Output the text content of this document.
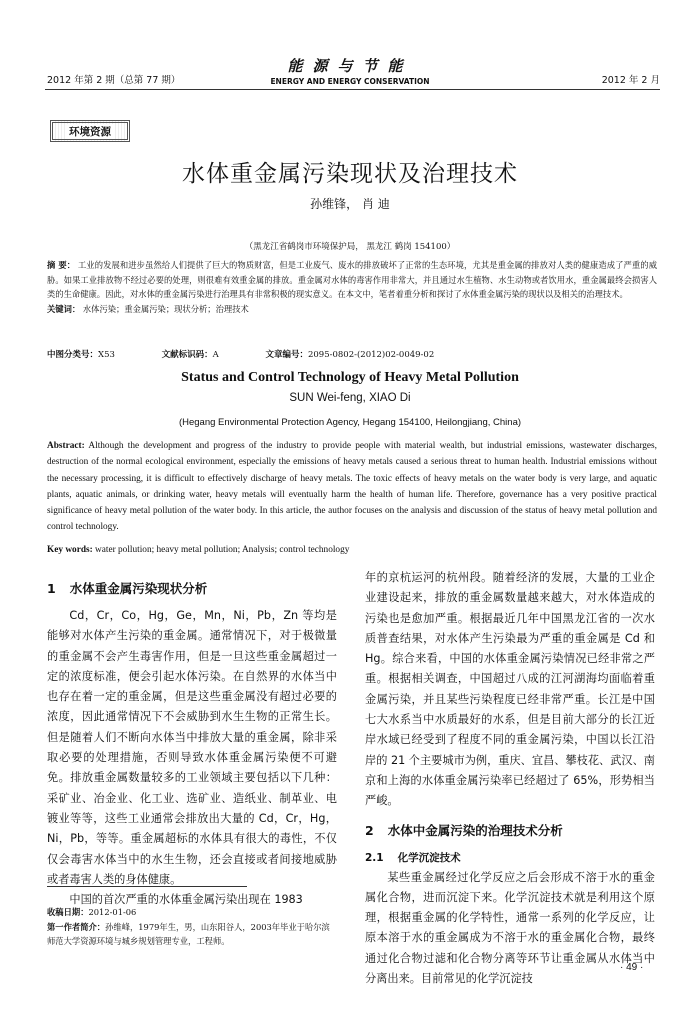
2012 年第 2 期（总第 77 期）
能源与节能
ENERGY AND ENERGY CONSERVATION	2012 年 2 月
环境资源
水体重金属污染现状及治理技术
孙维锋， 肖 迪
（黑龙江省鹤岗市环境保护局， 黑龙江 鹤岗 154100）
摘 要： 工业的发展和进步虽然给人们提供了巨大的物质财富，但是工业废气、废水的排放破坏了正常的生态环境，尤其是重金属的排放对人类的健康造成了严重的威胁。如果工业排放物不经过必要的处理，则很难有效重金属的排放。重金属对水体的毒害作用非常大，并且通过水生植物、水生动物或者饮用水，重金属最终会损害人类的生命健康。因此，对水体的重金属污染进行治理具有非常积极的现实意义。在本文中，笔者着重分析和探讨了水体重金属污染的现状以及相关的治理技术。
关键词： 水体污染；重金属污染；现状分析；治理技术
中图分类号：X53	文献标识码：A	文章编号：2095-0802-(2012)02-0049-02
Status and Control Technology of Heavy Metal Pollution
SUN Wei-feng, XIAO Di
(Hegang Environmental Protection Agency, Hegang 154100, Heilongjiang, China)
Abstract: Although the development and progress of the industry to provide people with material wealth, but industrial emissions, wastewater discharges, destruction of the normal ecological environment, especially the emissions of heavy metals caused a serious threat to human health. Industrial emissions without the necessary processing, it is difficult to effectively discharge of heavy metals. The toxic effects of heavy metals on the water body is very large, and aquatic plants, aquatic animals, or drinking water, heavy metals will eventually harm the health of human life. Therefore, governance has a very positive practical significance of heavy metal pollution of the water body. In this article, the author focuses on the analysis and discussion of the status of heavy metal pollution and control technology.
Key words: water pollution; heavy metal pollution; Analysis; control technology
1 水体重金属污染现状分析

Cd，Cr，Co，Hg，Ge，Mn，Ni，Pb，Zn 等均是能够对水体产生污染的重金属。通常情况下，对于极微量的重金属不会产生毒害作用，但是一旦这些重金属超过一定的浓度标准，便会引起水体污染。在自然界的水体当中也存在着一定的重金属，但是这些重金属没有超过必要的浓度，因此通常情况下不会威胁到水生生物的正常生长。但是随着人们不断向水体当中排放大量的重金属，除非采取必要的处理措施，否则导致水体重金属污染便不可避免。排放重金属数量较多的工业领域主要包括以下几种：采矿业、冶金业、化工业、选矿业、造纸业、制革业、电镀业等等，这些工业通常会排放出大量的 Cd，Cr，Hg，Ni，Pb，等等。重金属超标的水体具有很大的毒性，不仅仅会毒害水体当中的水生生物，还会直接或者间接地威胁或者毒害人类的身体健康。

中国的首次严重的水体重金属污染出现在 1983

收稿日期：2012-01-06
第一作者简介：孙维峰，1979年生，男，山东阳谷人，2003年毕业于哈尔滨师范大学资源环境与城乡规划管理专业，工程师。

年的京杭运河的杭州段。随着经济的发展，大量的工业企业建设起来，排放的重金属数量越来越大，对水体造成的污染也是愈加严重。根据最近几年中国黑龙江省的一次水质普查结果，对水体产生污染最为严重的重金属是 Cd 和 Hg。综合来看，中国的水体重金属污染情况已经非常之严重。根据相关调查，中国超过八成的江河湖海均面临着重金属污染，并且某些污染程度已经非常严重。长江是中国七大水系当中水质最好的水系，但是目前大部分的长江近岸水域已经受到了程度不同的重金属污染，中国以长江沿岸的 21 个主要城市为例，重庆、宜昌、攀枝花、武汉、南京和上海的水体重金属污染率已经超过了 65%，形势相当严峻。

2 水体中金属污染的治理技术分析
2.1 化学沉淀技术

某些重金属经过化学反应之后会形成不溶于水的重金属化合物，进而沉淀下来。化学沉淀技术就是利用这个原理，根据重金属的化学特性，通常一系列的化学反应，让原本溶于水的重金属成为不溶于水的重金属化合物，最终通过化合物过滤和化合物分离等环节让重金属从水体当中分离出来。目前常见的化学沉淀技

· 49 ·
